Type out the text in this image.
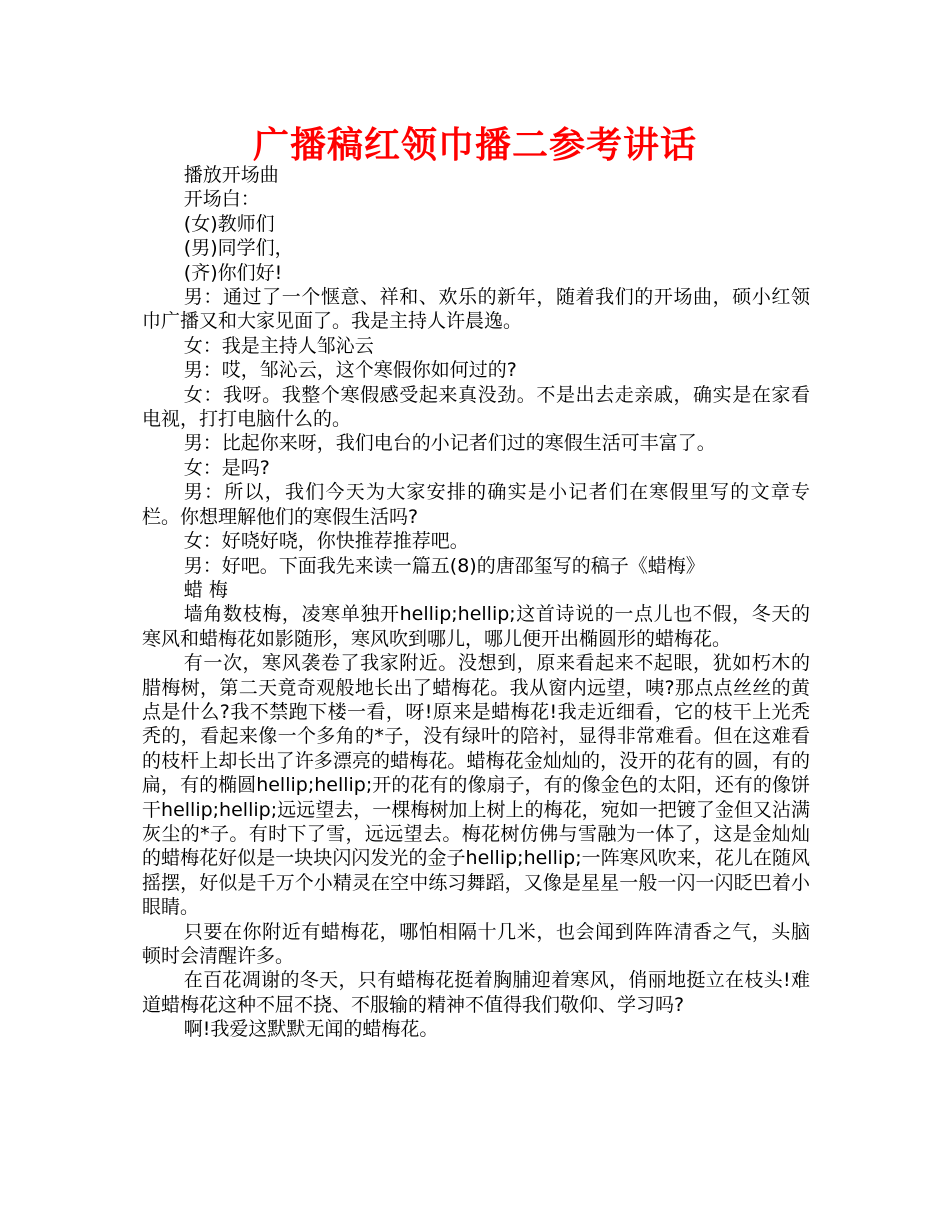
广播稿红领巾播二参考讲话

播放开场曲

开场白：

(女)教师们

(男)同学们，

(齐)你们好!

男：通过了一个惬意、祥和、欢乐的新年，随着我们的开场曲，硕小红领巾广播又和大家见面了。我是主持人许晨逸。

女：我是主持人邹沁云

男：哎，邹沁云，这个寒假你如何过的?

女：我呀。我整个寒假感受起来真没劲。不是出去走亲戚，确实是在家看电视，打打电脑什么的。

男：比起你来呀，我们电台的小记者们过的寒假生活可丰富了。

女：是吗?

男：所以，我们今天为大家安排的确实是小记者们在寒假里写的文章专栏。你想理解他们的寒假生活吗?

女：好哓好哓，你快推荐推荐吧。

男：好吧。下面我先来读一篇五(8)的唐邵玺写的稿子《蜡梅》

蜡 梅

墙角数枝梅，凌寒单独开hellip;hellip;这首诗说的一点儿也不假，冬天的寒风和蜡梅花如影随形，寒风吹到哪儿，哪儿便开出椭圆形的蜡梅花。

有一次，寒风袭卷了我家附近。没想到，原来看起来不起眼，犹如朽木的腊梅树，第二天竟奇观般地长出了蜡梅花。我从窗内远望，咦?那点点丝丝的黄点是什么?我不禁跑下楼一看，呀!原来是蜡梅花!我走近细看，它的枝干上光秃秃的，看起来像一个多角的*子，没有绿叶的陪衬，显得非常难看。但在这难看的枝杆上却长出了许多漂亮的蜡梅花。蜡梅花金灿灿的，没开的花有的圆，有的扁，有的椭圆hellip;hellip;开的花有的像扇子，有的像金色的太阳，还有的像饼干hellip;hellip;远远望去，一棵梅树加上树上的梅花，宛如一把镀了金但又沾满灰尘的*子。有时下了雪，远远望去。梅花树仿佛与雪融为一体了，这是金灿灿的蜡梅花好似是一块块闪闪发光的金子hellip;hellip;一阵寒风吹来，花儿在随风摇摆，好似是千万个小精灵在空中练习舞蹈，又像是星星一般一闪一闪眨巴着小眼睛。

只要在你附近有蜡梅花，哪怕相隔十几米，也会闻到阵阵清香之气，头脑顿时会清醒许多。

在百花凋谢的冬天，只有蜡梅花挺着胸脯迎着寒风，俏丽地挺立在枝头!难道蜡梅花这种不屈不挠、不服输的精神不值得我们敬仰、学习吗?

啊!我爱这默默无闻的蜡梅花。
